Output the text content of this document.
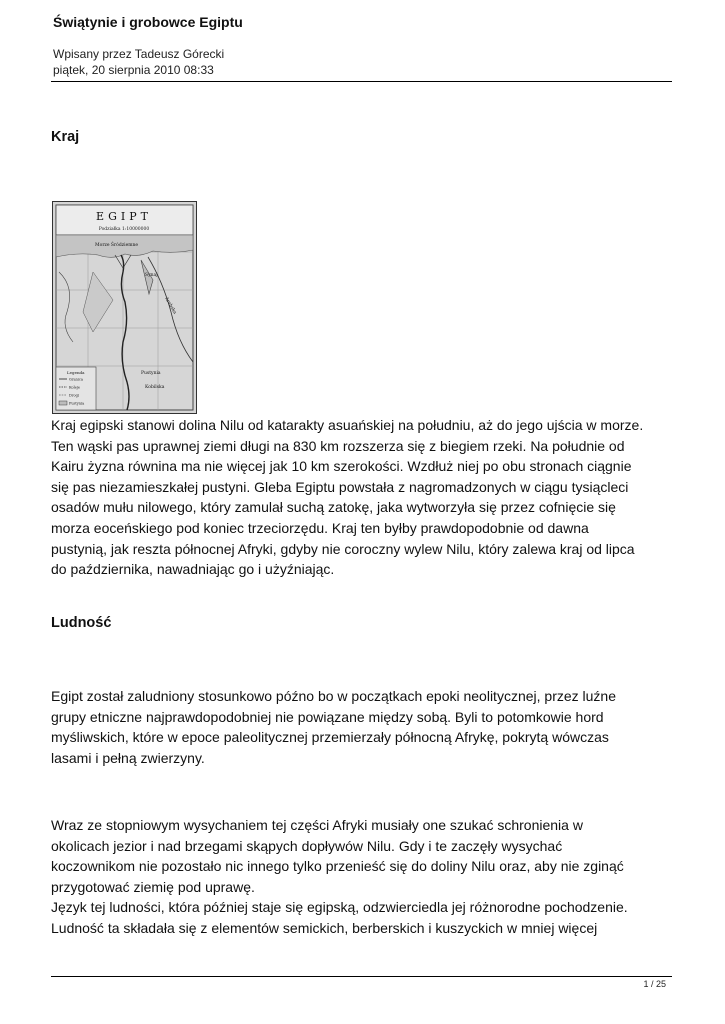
Świątynie i grobowce Egiptu
Wpisany przez Tadeusz Górecki
piątek, 20 sierpnia 2010 08:33
Kraj
EGIPT
Podziałka 1:10000000
Morze Śródziemne
Synaj
Arabska
Pustynia
Kobilska
Legenda
Granica
Koleje
Drogi
Pustynia
Kraj egipski stanowi dolina Nilu od katarakty asuańskiej na południu, aż do jego ujścia w morze.
Ten wąski pas uprawnej ziemi długi na 830 km rozszerza się z biegiem rzeki. Na południe od
Kairu żyzna równina ma nie więcej jak 10 km szerokości. Wzdłuż niej po obu stronach ciągnie
się pas niezamieszkałej pustyni. Gleba Egiptu powstała z nagromadzonych w ciągu tysiącleci
osadów mułu nilowego, który zamulał suchą zatokę, jaka wytworzyła się przez cofnięcie się
morza eoceńskiego pod koniec trzeciorzędu. Kraj ten byłby prawdopodobnie od dawna
pustynią, jak reszta północnej Afryki, gdyby nie coroczny wylew Nilu, który zalewa kraj od lipca
do października, nawadniając go i użyźniając.
Ludność
Egipt został zaludniony stosunkowo późno bo w początkach epoki neolitycznej, przez luźne
grupy etniczne najprawdopodobniej nie powiązane między sobą. Byli to potomkowie hord
myśliwskich, które w epoce paleolitycznej przemierzały północną Afrykę, pokrytą wówczas
lasami i pełną zwierzyny.
Wraz ze stopniowym wysychaniem tej części Afryki musiały one szukać schronienia w
okolicach jezior i nad brzegami skąpych dopływów Nilu. Gdy i te zaczęły wysychać
koczownikom nie pozostało nic innego tylko przenieść się do doliny Nilu oraz, aby nie zginąć
przygotować ziemię pod uprawę.
Język tej ludności, która później staje się egipską, odzwierciedla jej różnorodne pochodzenie.
Ludność ta składała się z elementów semickich, berberskich i kuszyckich w mniej więcej
1 / 25
